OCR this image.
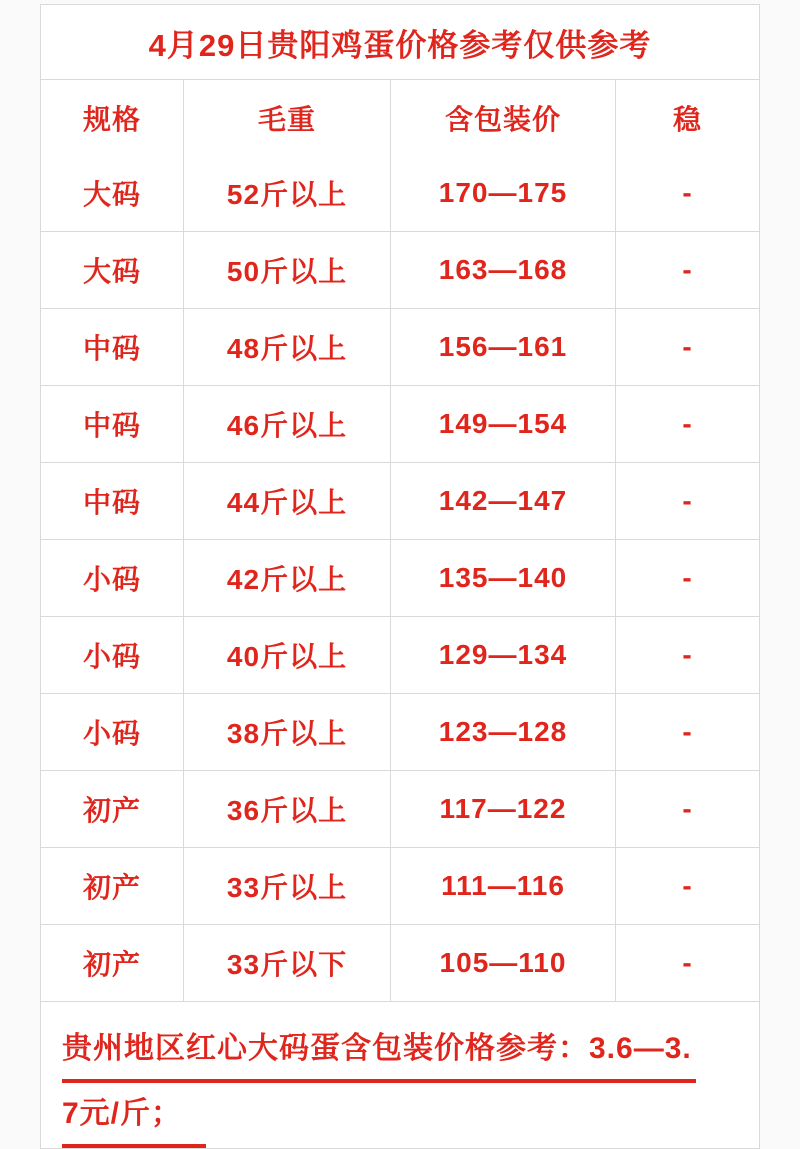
4月29日贵阳鸡蛋价格参考仅供参考
规格	毛重	含包装价	稳
大码	52斤以上	170—175	-
大码	50斤以上	163—168	-
中码	48斤以上	156—161	-
中码	46斤以上	149—154	-
中码	44斤以上	142—147	-
小码	42斤以上	135—140	-
小码	40斤以上	129—134	-
小码	38斤以上	123—128	-
初产	36斤以上	117—122	-
初产	33斤以上	111—116	-
初产	33斤以下	105—110	-
贵州地区红心大码蛋含包装价格参考：3.6—3.
7元/斤；
